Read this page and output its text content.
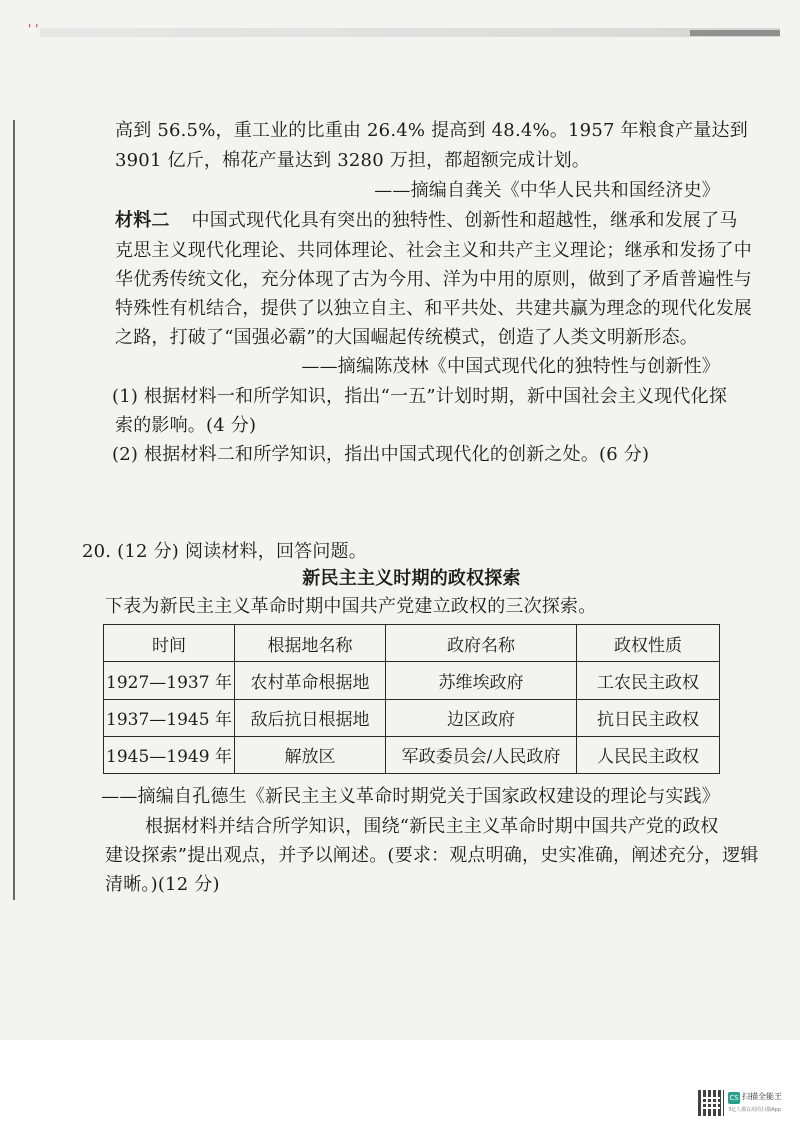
' '
高到 56.5%，重工业的比重由 26.4% 提高到 48.4%。1957 年粮食产量达到
3901 亿斤，棉花产量达到 3280 万担，都超额完成计划。
——摘编自龚关《中华人民共和国经济史》
材料二 中国式现代化具有突出的独特性、创新性和超越性，继承和发展了马
克思主义现代化理论、共同体理论、社会主义和共产主义理论；继承和发扬了中
华优秀传统文化，充分体现了古为今用、洋为中用的原则，做到了矛盾普遍性与
特殊性有机结合，提供了以独立自主、和平共处、共建共赢为理念的现代化发展
之路，打破了“国强必霸”的大国崛起传统模式，创造了人类文明新形态。
——摘编陈茂林《中国式现代化的独特性与创新性》
(1) 根据材料一和所学知识，指出“一五”计划时期，新中国社会主义现代化探
索的影响。(4 分)
(2) 根据材料二和所学知识，指出中国式现代化的创新之处。(6 分)
20. (12 分) 阅读材料，回答问题。
新民主主义时期的政权探索
下表为新民主主义革命时期中国共产党建立政权的三次探索。
时间	根据地名称	政府名称	政权性质
1927—1937 年	农村革命根据地	苏维埃政府	工农民主政权
1937—1945 年	敌后抗日根据地	边区政府	抗日民主政权
1945—1949 年	解放区	军政委员会/人民政府	人民民主政权
——摘编自孔德生《新民主主义革命时期党关于国家政权建设的理论与实践》
根据材料并结合所学知识，围绕“新民主主义革命时期中国共产党的政权
建设探索”提出观点，并予以阐述。(要求：观点明确，史实准确，阐述充分，逻辑
清晰。)(12 分)
CS 扫描全能王
3亿人都在用的扫描App
